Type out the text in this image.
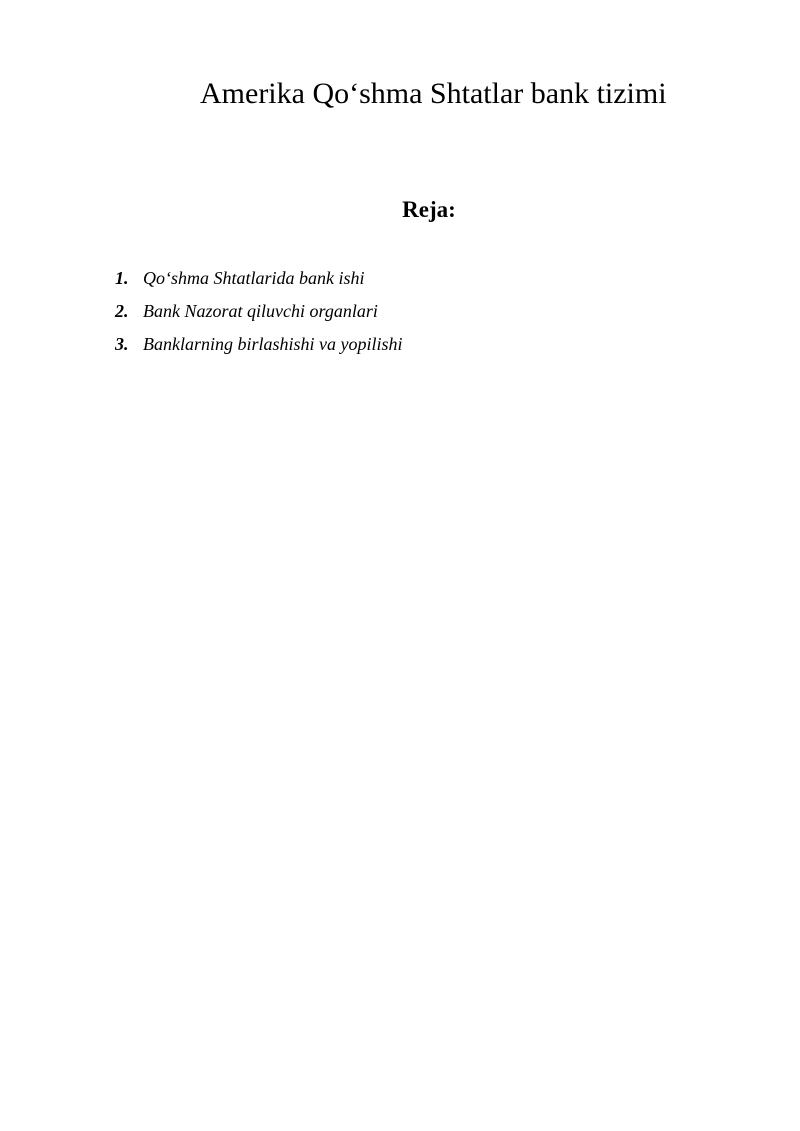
Amerika Qo‘shma Shtatlar bank tizimi
Reja:
1. Qo‘shma Shtatlarida bank ishi
2. Bank Nazorat qiluvchi organlari
3. Banklarning birlashishi va yopilishi
